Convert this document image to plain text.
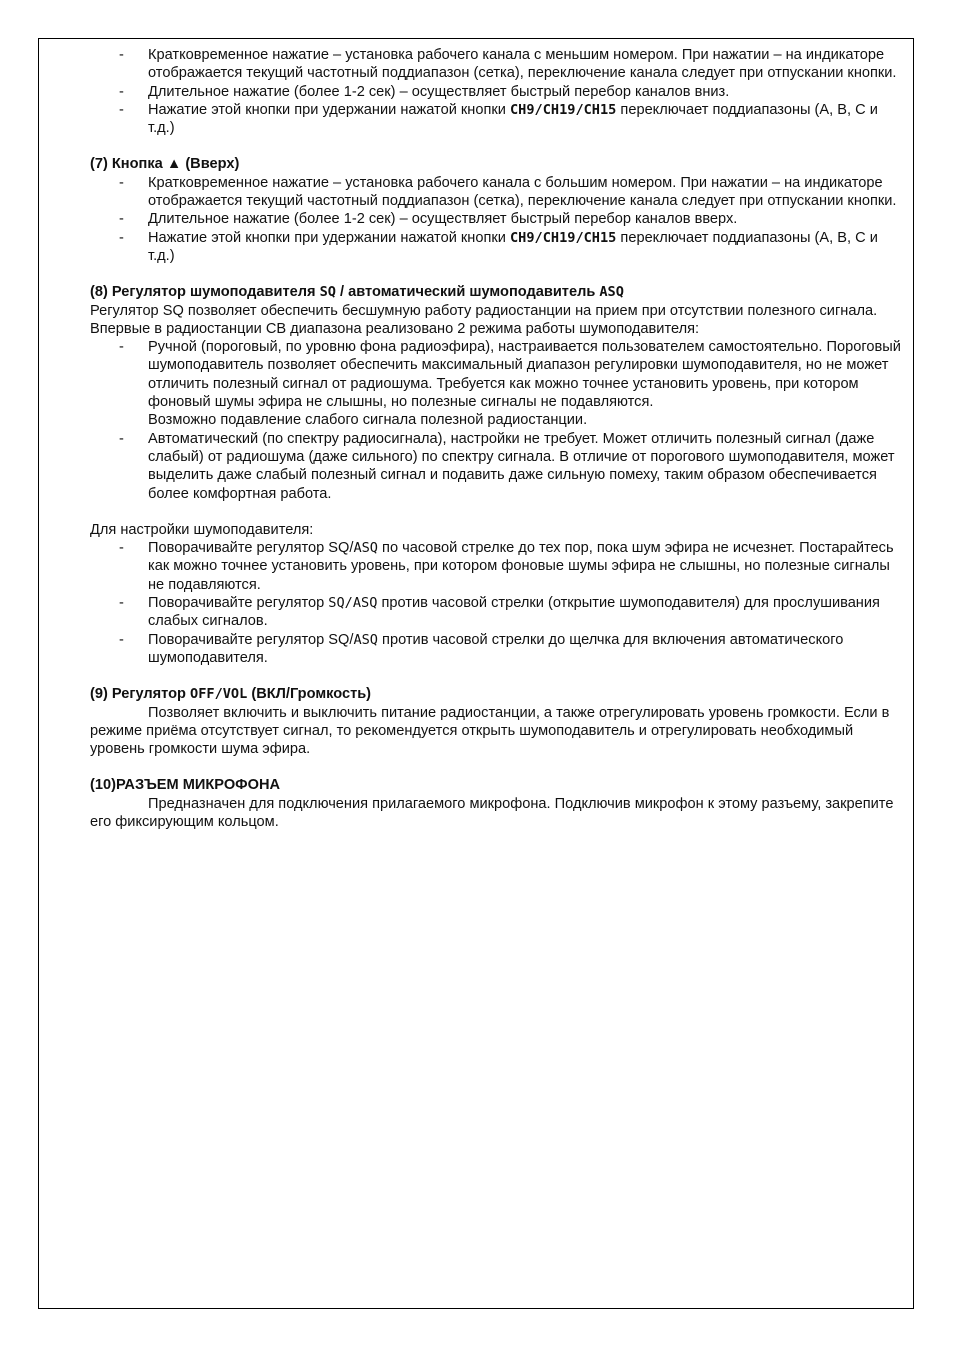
- Кратковременное нажатие – установка рабочего канала с меньшим номером. При нажатии – на индикаторе отображается текущий частотный поддиапазон (сетка), переключение канала следует при отпускании кнопки.
- Длительное нажатие (более 1-2 сек) – осуществляет быстрый перебор каналов вниз.
- Нажатие этой кнопки при удержании нажатой кнопки CH9/CH19/CH15 переключает поддиапазоны (A, B, C и т.д.)
(7) Кнопка ▲ (Вверх)
- Кратковременное нажатие – установка рабочего канала с большим номером. При нажатии – на индикаторе отображается текущий частотный поддиапазон (сетка), переключение канала следует при отпускании кнопки.
- Длительное нажатие (более 1-2 сек) – осуществляет быстрый перебор каналов вверх.
- Нажатие этой кнопки при удержании нажатой кнопки CH9/CH19/CH15 переключает поддиапазоны (A, B, C и т.д.)
(8) Регулятор шумоподавителя SQ / автоматический шумоподавитель ASQ

Регулятор SQ позволяет обеспечить бесшумную работу радиостанции на прием при отсутствии полезного сигнала.

Впервые в радиостанции СВ диапазона реализовано 2 режима работы шумоподавителя:

- Ручной (пороговый, по уровню фона радиоэфира), настраивается пользователем самостоятельно. Пороговый шумоподавитель позволяет обеспечить максимальный диапазон регулировки шумоподавителя, но не может отличить полезный сигнал от радиошума. Требуется как можно точнее установить уровень, при котором фоновый шумы эфира не слышны, но полезные сигналы не подавляются.
Возможно подавление слабого сигнала полезной радиостанции.
- Автоматический (по спектру радиосигнала), настройки не требует. Может отличить полезный сигнал (даже слабый) от радиошума (даже сильного) по спектру сигнала. В отличие от порогового шумоподавителя, может выделить даже слабый полезный сигнал и подавить даже сильную помеху, таким образом обеспечивается более комфортная работа.

Для настройки шумоподавителя:

- Поворачивайте регулятор SQ/ASQ по часовой стрелке до тех пор, пока шум эфира не исчезнет. Постарайтесь как можно точнее установить уровень, при котором фоновые шумы эфира не слышны, но полезные сигналы не подавляются.
- Поворачивайте регулятор SQ/ASQ против часовой стрелки (открытие шумоподавителя) для прослушивания слабых сигналов.
- Поворачивайте регулятор SQ/ASQ против часовой стрелки до щелчка для включения автоматического шумоподавителя.
(9) Регулятор OFF/VOL (ВКЛ/Громкость)

Позволяет включить и выключить питание радиостанции, а также отрегулировать уровень громкости. Если в режиме приёма отсутствует сигнал, то рекомендуется открыть шумоподавитель и отрегулировать необходимый уровень громкости шума эфира.

(10)РАЗЪЕМ МИКРОФОНА

Предназначен для подключения прилагаемого микрофона. Подключив микрофон к этому разъему, закрепите его фиксирующим кольцом.
